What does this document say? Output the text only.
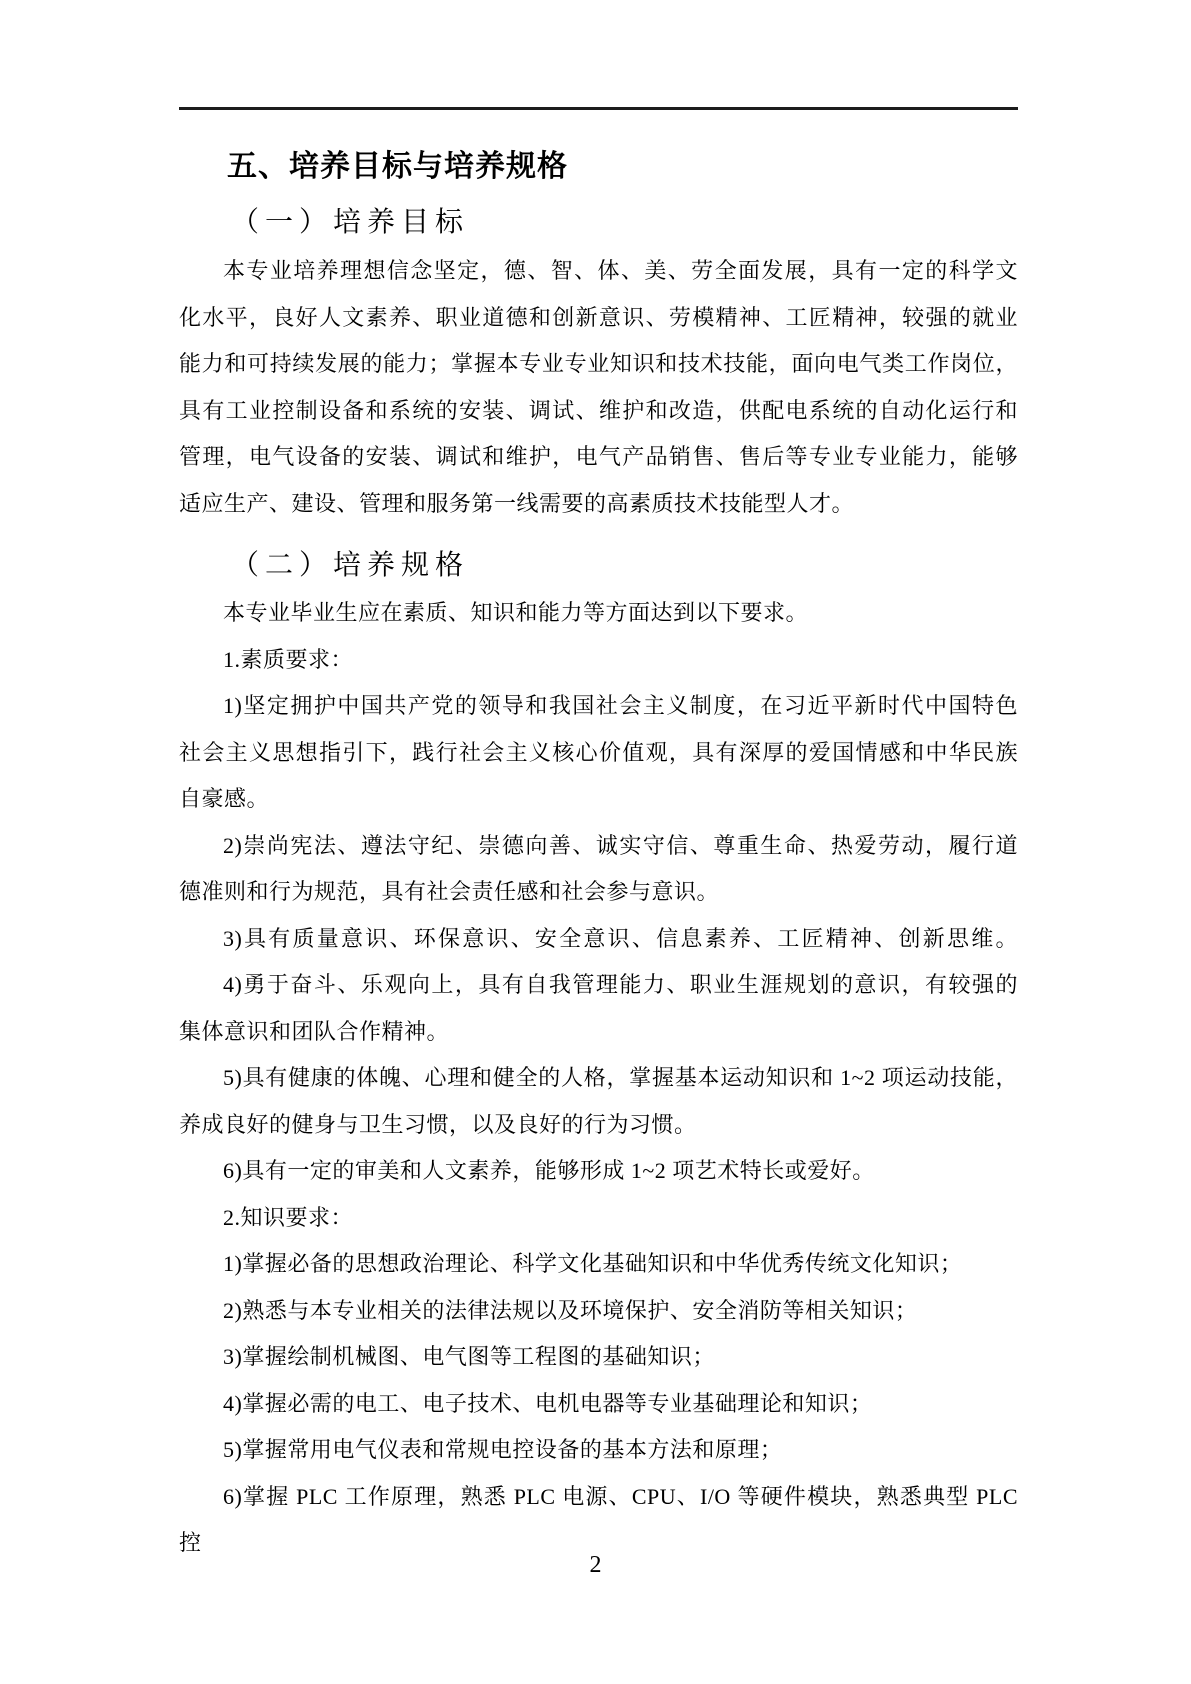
五、培养目标与培养规格
（一）培养目标
本专业培养理想信念坚定，德、智、体、美、劳全面发展，具有一定的科学文
化水平，良好人文素养、职业道德和创新意识、劳模精神、工匠精神，较强的就业
能力和可持续发展的能力；掌握本专业专业知识和技术技能，面向电气类工作岗位，
具有工业控制设备和系统的安装、调试、维护和改造，供配电系统的自动化运行和
管理，电气设备的安装、调试和维护，电气产品销售、售后等专业专业能力，能够
适应生产、建设、管理和服务第一线需要的高素质技术技能型人才。
（二）培养规格
本专业毕业生应在素质、知识和能力等方面达到以下要求。
1.素质要求：
1)坚定拥护中国共产党的领导和我国社会主义制度，在习近平新时代中国特色
社会主义思想指引下，践行社会主义核心价值观，具有深厚的爱国情感和中华民族
自豪感。
2)崇尚宪法、遵法守纪、崇德向善、诚实守信、尊重生命、热爱劳动，履行道
德准则和行为规范，具有社会责任感和社会参与意识。
3)具有质量意识、环保意识、安全意识、信息素养、工匠精神、创新思维。
4)勇于奋斗、乐观向上，具有自我管理能力、职业生涯规划的意识，有较强的
集体意识和团队合作精神。
5)具有健康的体魄、心理和健全的人格，掌握基本运动知识和 1~2 项运动技能，
养成良好的健身与卫生习惯，以及良好的行为习惯。
6)具有一定的审美和人文素养，能够形成 1~2 项艺术特长或爱好。
2.知识要求：
1)掌握必备的思想政治理论、科学文化基础知识和中华优秀传统文化知识；
2)熟悉与本专业相关的法律法规以及环境保护、安全消防等相关知识；
3)掌握绘制机械图、电气图等工程图的基础知识；
4)掌握必需的电工、电子技术、电机电器等专业基础理论和知识；
5)掌握常用电气仪表和常规电控设备的基本方法和原理；
6)掌握 PLC 工作原理，熟悉 PLC 电源、CPU、I/O 等硬件模块，熟悉典型 PLC 控
2
